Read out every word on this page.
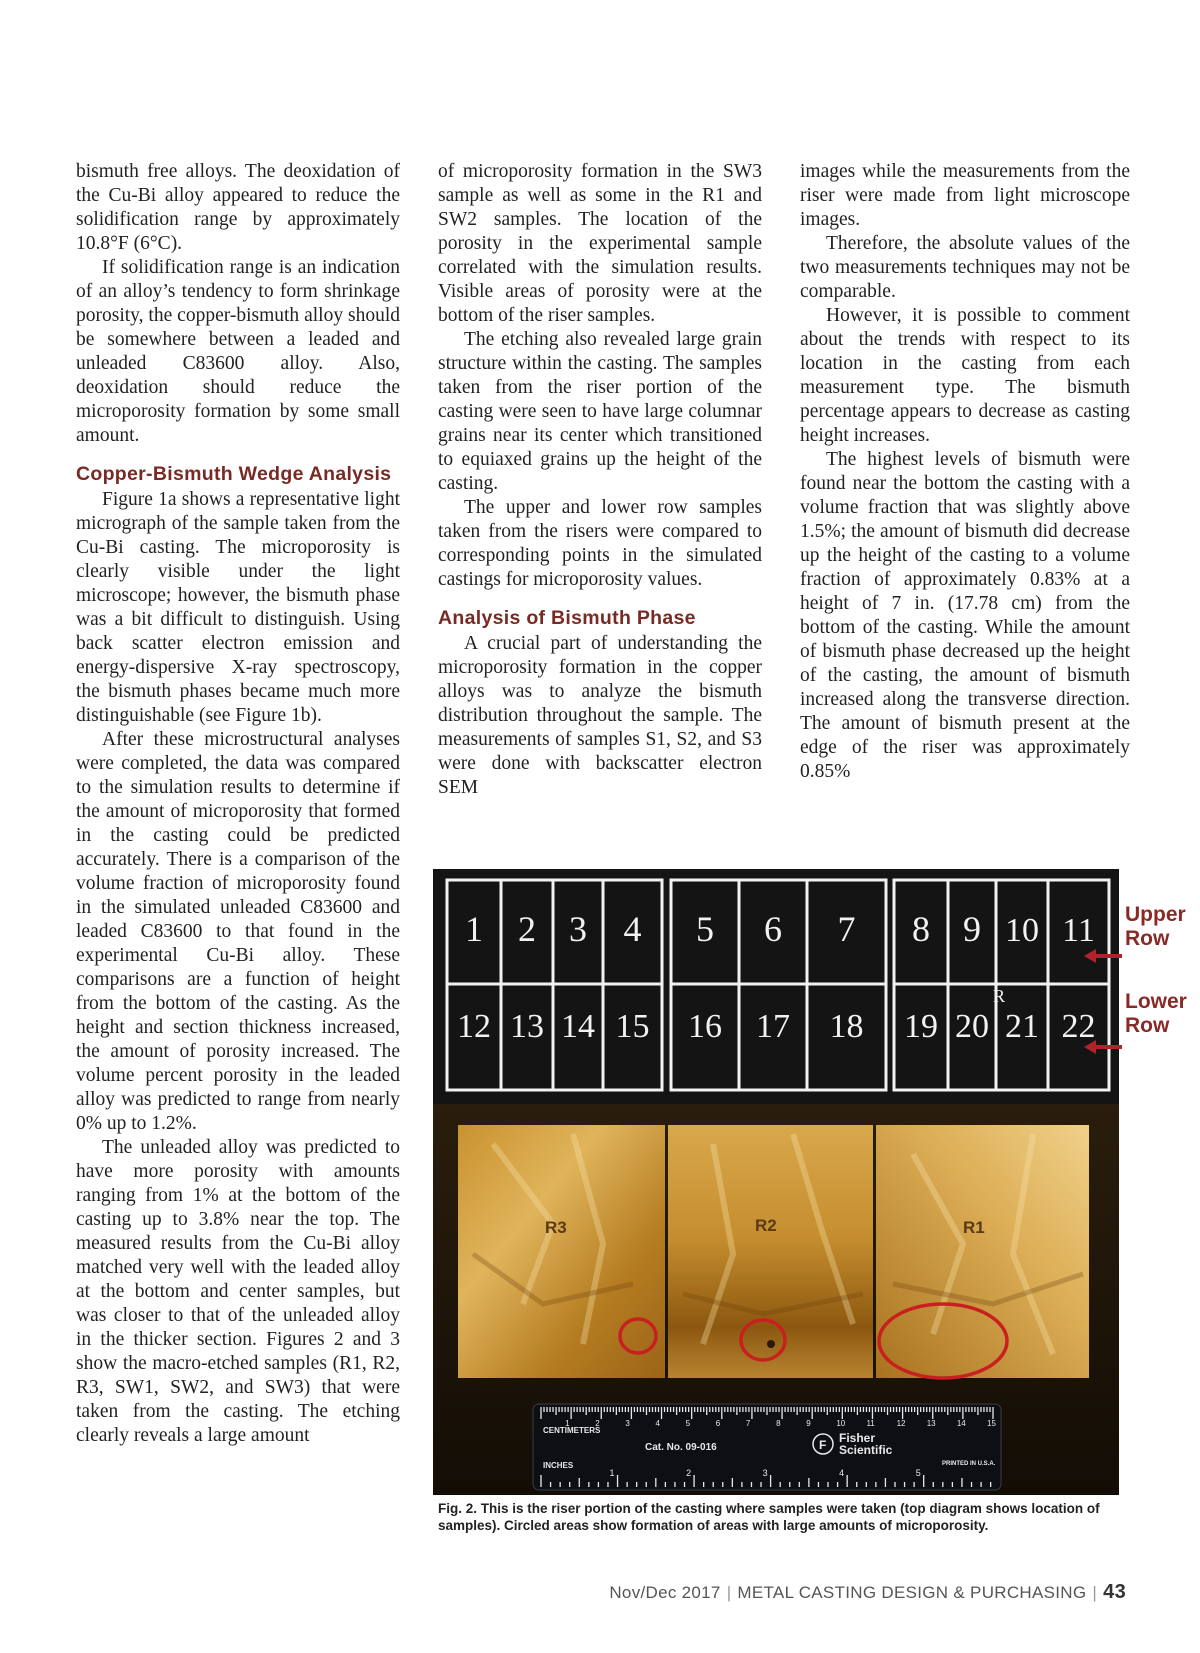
bismuth free alloys. The deoxidation of the Cu-Bi alloy appeared to reduce the solidification range by approximately 10.8°F (6°C).

If solidification range is an indication of an alloy’s tendency to form shrinkage porosity, the copper-bismuth alloy should be somewhere between a leaded and unleaded C83600 alloy. Also, deoxidation should reduce the microporosity formation by some small amount.

Copper-Bismuth Wedge Analysis

Figure 1a shows a representative light micrograph of the sample taken from the Cu-Bi casting. The microporosity is clearly visible under the light microscope; however, the bismuth phase was a bit difficult to distinguish. Using back scatter electron emission and energy-dispersive X-ray spectroscopy, the bismuth phases became much more distinguishable (see Figure 1b).

After these microstructural analyses were completed, the data was compared to the simulation results to determine if the amount of microporosity that formed in the casting could be predicted accurately. There is a comparison of the volume fraction of microporosity found in the simulated unleaded C83600 and leaded C83600 to that found in the experimental Cu-Bi alloy. These comparisons are a function of height from the bottom of the casting. As the height and section thickness increased, the amount of porosity increased. The volume percent porosity in the leaded alloy was predicted to range from nearly 0% up to 1.2%.

The unleaded alloy was predicted to have more porosity with amounts ranging from 1% at the bottom of the casting up to 3.8% near the top. The measured results from the Cu-Bi alloy matched very well with the leaded alloy at the bottom and center samples, but was closer to that of the unleaded alloy in the thicker section. Figures 2 and 3 show the macro-etched samples (R1, R2, R3, SW1, SW2, and SW3) that were taken from the casting. The etching clearly reveals a large amount

of microporosity formation in the SW3 sample as well as some in the R1 and SW2 samples. The location of the porosity in the experimental sample correlated with the simulation results. Visible areas of porosity were at the bottom of the riser samples.

The etching also revealed large grain structure within the casting. The samples taken from the riser portion of the casting were seen to have large columnar grains near its center which transitioned to equiaxed grains up the height of the casting.

The upper and lower row samples taken from the risers were compared to corresponding points in the simulated castings for microporosity values.

Analysis of Bismuth Phase

A crucial part of understanding the microporosity formation in the copper alloys was to analyze the bismuth distribution throughout the sample. The measurements of samples S1, S2, and S3 were done with backscatter electron SEM

images while the measurements from the riser were made from light microscope images.

Therefore, the absolute values of the two measurements techniques may not be comparable.

However, it is possible to comment about the trends with respect to its location in the casting from each measurement type. The bismuth percentage appears to decrease as casting height increases.

The highest levels of bismuth were found near the bottom the casting with a volume fraction that was slightly above 1.5%; the amount of bismuth did decrease up the height of the casting to a volume fraction of approximately 0.83% at a height of 7 in. (17.78 cm) from the bottom of the casting. While the amount of bismuth phase decreased up the height of the casting, the amount of bismuth increased along the transverse direction. The amount of bismuth present at the edge of the riser was approximately 0.85%

1 2 3 4
12 13 14 15
5 6 7
16 17 18
8 9 10 11
19 20 21 22
R
R3	R2	R1
1	2	3	4	5	6	7	8	9	10	11	12	13	14	15
1	2	3	4	5
CENTIMETERS
INCHES
Cat. No. 09-016	F Fisher Scientific
PRINTED IN U.S.A.
Upper Row
Lower Row
Fig. 2. This is the riser portion of the casting where samples were taken (top diagram shows location of samples). Circled areas show formation of areas with large amounts of microporosity.
Nov/Dec 2017 | METAL CASTING DESIGN & PURCHASING | 43
